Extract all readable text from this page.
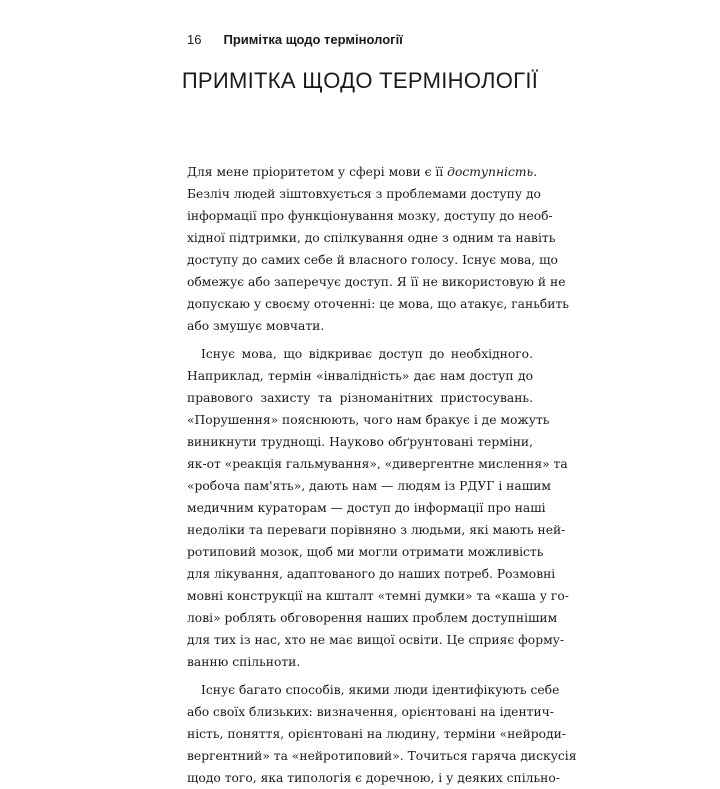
16 Примітка щодо термінології
ПРИМІТКА ЩОДО ТЕРМІНОЛОГІЇ
Для мене пріоритетом у сфері мови є її доступність.
Безліч людей зіштовхується з проблемами доступу до
інформації про функціонування мозку, доступу до необ-
хідної підтримки, до спілкування одне з одним та навіть
доступу до самих себе й власного голосу. Існує мова, що
обмежує або заперечує доступ. Я її не використовую й не
допускаю у своєму оточенні: це мова, що атакує, ганьбить
або змушує мовчати.
Існує мова, що відкриває доступ до необхідного.
Наприклад, термін «інвалідність» дає нам доступ до
правового захисту та різноманітних пристосувань.
«Порушення» пояснюють, чого нам бракує і де можуть
виникнути труднощі. Науково обґрунтовані терміни,
як-от «реакція гальмування», «дивергентне мислення» та
«робоча пам'ять», дають нам — людям із РДУГ і нашим
медичним кураторам — доступ до інформації про наші
недоліки та переваги порівняно з людьми, які мають ней-
ротиповий мозок, щоб ми могли отримати можливість
для лікування, адаптованого до наших потреб. Розмовні
мовні конструкції на кшталт «темні думки» та «каша у го-
лові» роблять обговорення наших проблем доступнішим
для тих із нас, хто не має вищої освіти. Це сприяє форму-
ванню спільноти.
Існує багато способів, якими люди ідентифікують себе
або своїх близьких: визначення, орієнтовані на ідентич-
ність, поняття, орієнтовані на людину, терміни «нейроди-
вергентний» та «нейротиповий». Точиться гаряча дискусія
щодо того, яка типологія є доречною, і у деяких спільно-
